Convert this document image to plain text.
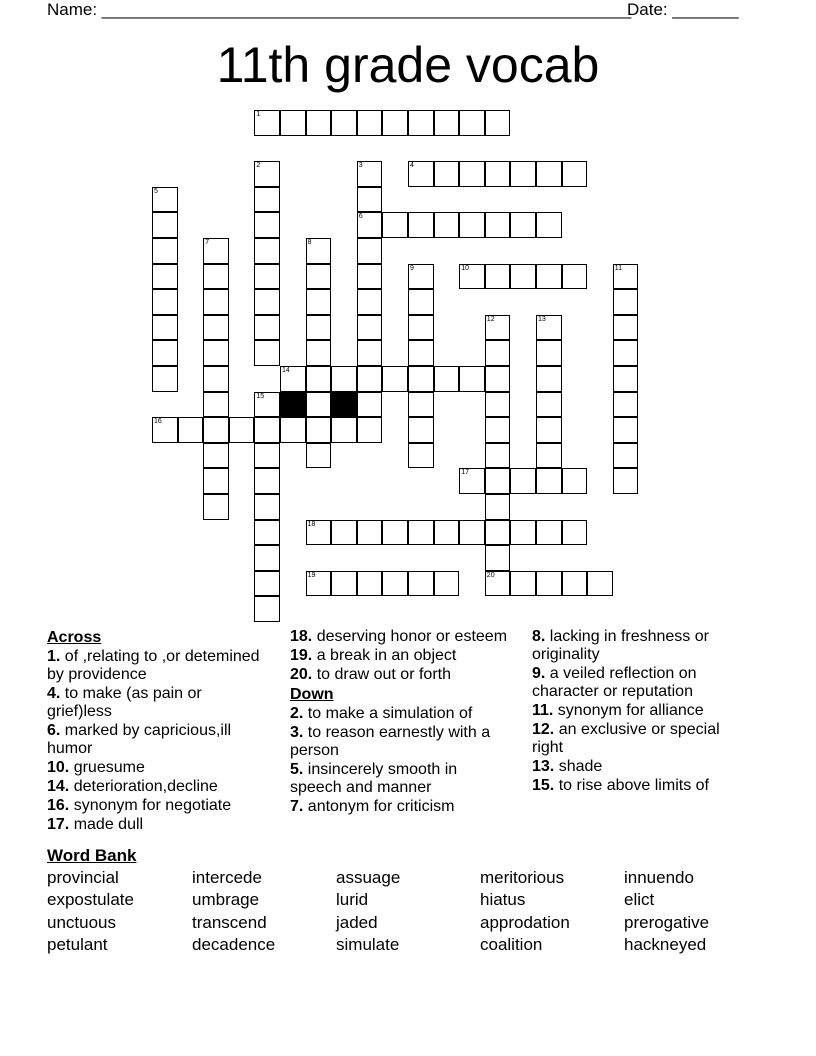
Name: ________________________________________________________
Date: _______
11th grade vocab
1
2	3
6
4
5
7	8
9	10	11
12
20
13
14
15
16
17
18
19
Across
1. of ,relating to ,or detemined by providence
4. to make (as pain or grief)less
6. marked by capricious,ill humor
10. gruesume
14. deterioration,decline
16. synonym for negotiate
17. made dull
18. deserving honor or esteem
19. a break in an object
20. to draw out or forth
Down
2. to make a simulation of
3. to reason earnestly with a person
5. insincerely smooth in speech and manner
7. antonym for criticism
8. lacking in freshness or originality
9. a veiled reflection on character or reputation
11. synonym for alliance
12. an exclusive or special right
13. shade
15. to rise above limits of
Word Bank
provincial	intercede	assuage	meritorious	innuendo
expostulate	umbrage	lurid	hiatus	elict
unctuous	transcend	jaded	approdation	prerogative
petulant	decadence	simulate	coalition	hackneyed
